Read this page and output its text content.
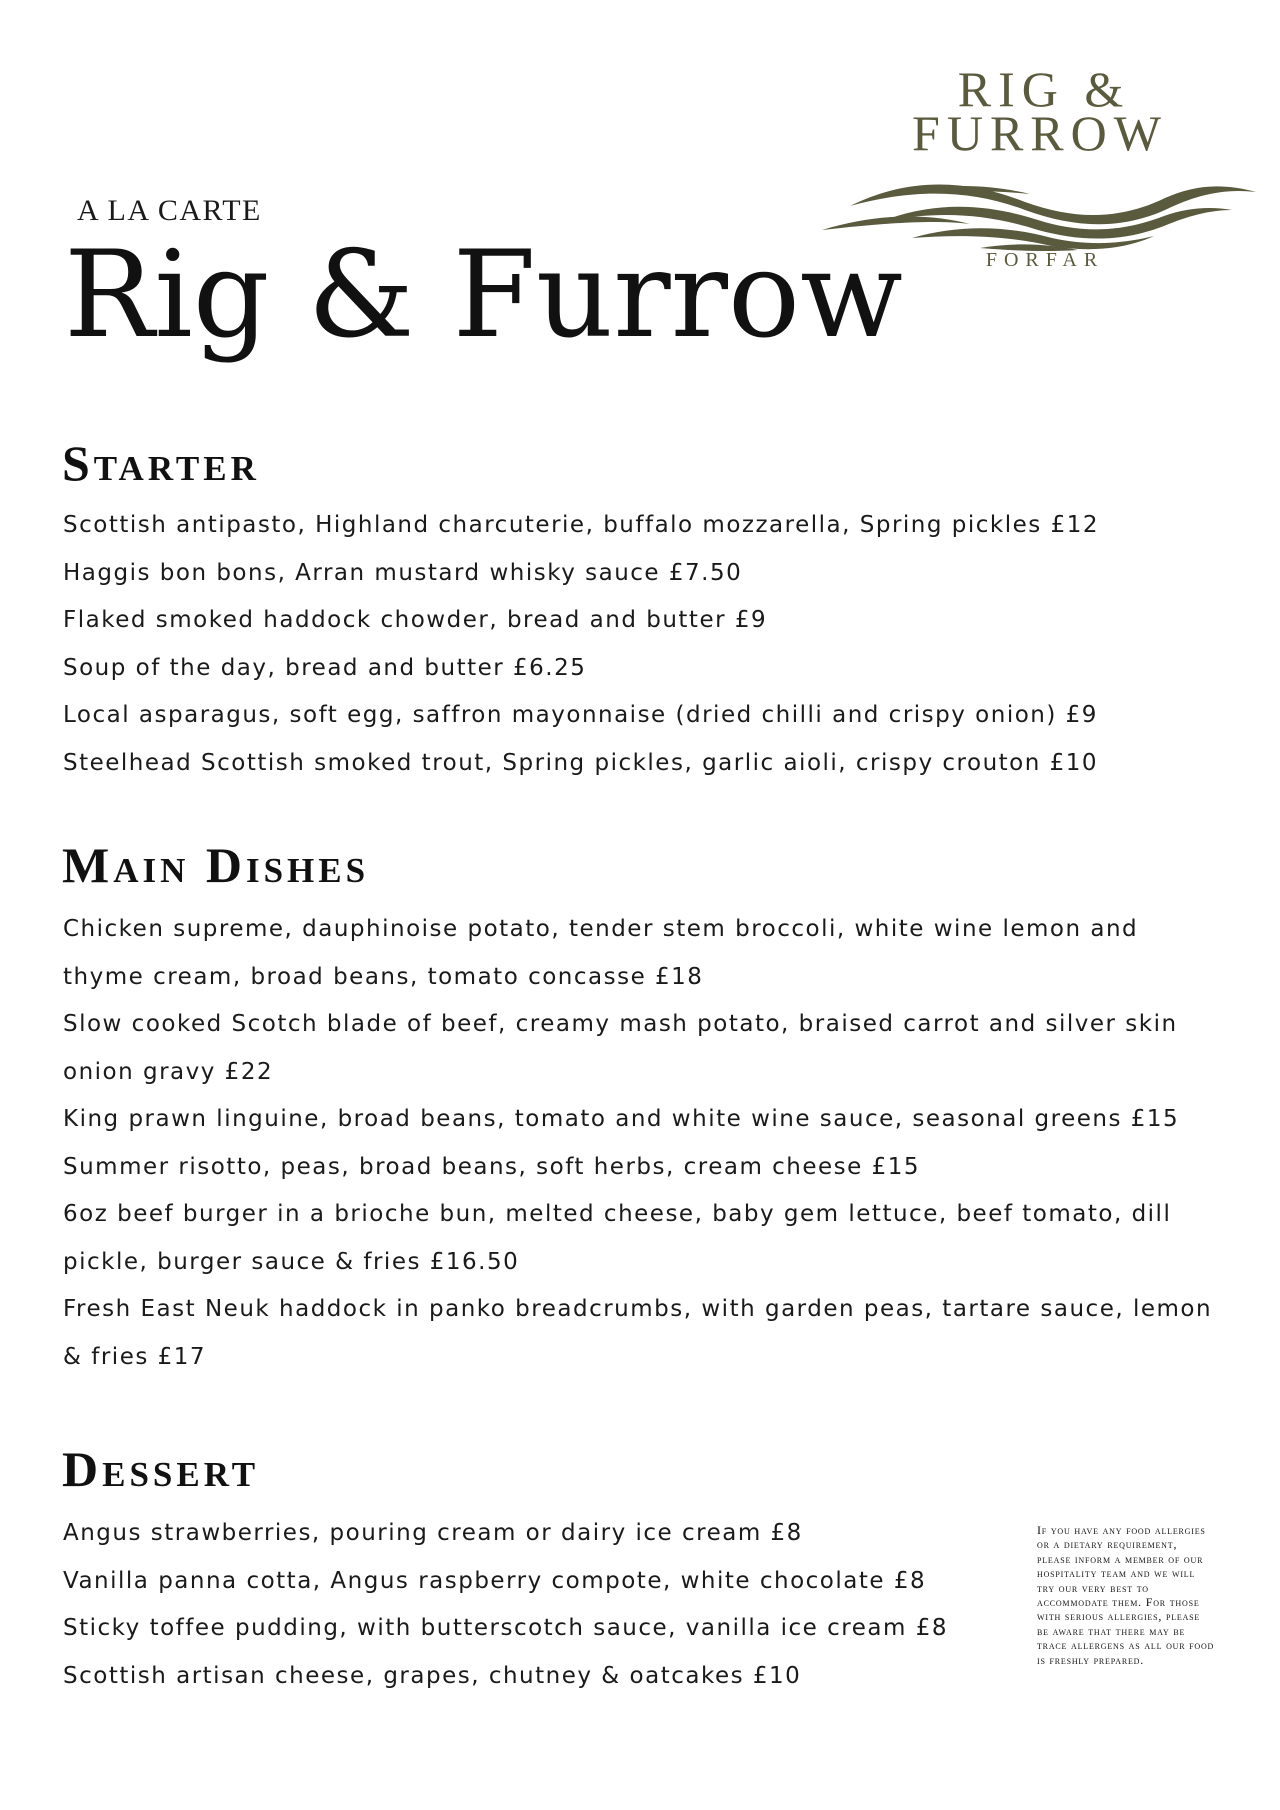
RIG &
FURROW
FORFAR
A LA CARTE
Rig & Furrow
Starter
Scottish antipasto, Highland charcuterie, buffalo mozzarella, Spring pickles £12
Haggis bon bons, Arran mustard whisky sauce £7.50
Flaked smoked haddock chowder, bread and butter £9
Soup of the day, bread and butter £6.25
Local asparagus, soft egg, saffron mayonnaise (dried chilli and crispy onion) £9
Steelhead Scottish smoked trout, Spring pickles, garlic aioli, crispy crouton £10
Main Dishes
Chicken supreme, dauphinoise potato, tender stem broccoli, white wine lemon and
thyme cream, broad beans, tomato concasse £18
Slow cooked Scotch blade of beef, creamy mash potato, braised carrot and silver skin
onion gravy £22
King prawn linguine, broad beans, tomato and white wine sauce, seasonal greens £15
Summer risotto, peas, broad beans, soft herbs, cream cheese £15
6oz beef burger in a brioche bun, melted cheese, baby gem lettuce, beef tomato, dill
pickle, burger sauce & fries £16.50
Fresh East Neuk haddock in panko breadcrumbs, with garden peas, tartare sauce, lemon
& fries £17
Dessert
Angus strawberries, pouring cream or dairy ice cream £8
Vanilla panna cotta, Angus raspberry compote, white chocolate £8
Sticky toffee pudding, with butterscotch sauce, vanilla ice cream £8
Scottish artisan cheese, grapes, chutney & oatcakes £10

If you have any food allergies or a dietary requirement, please inform a member of our hospitality team and we will try our very best to accommodate them. For those with serious allergies, please be aware that there may be trace allergens as all our food is freshly prepared.
